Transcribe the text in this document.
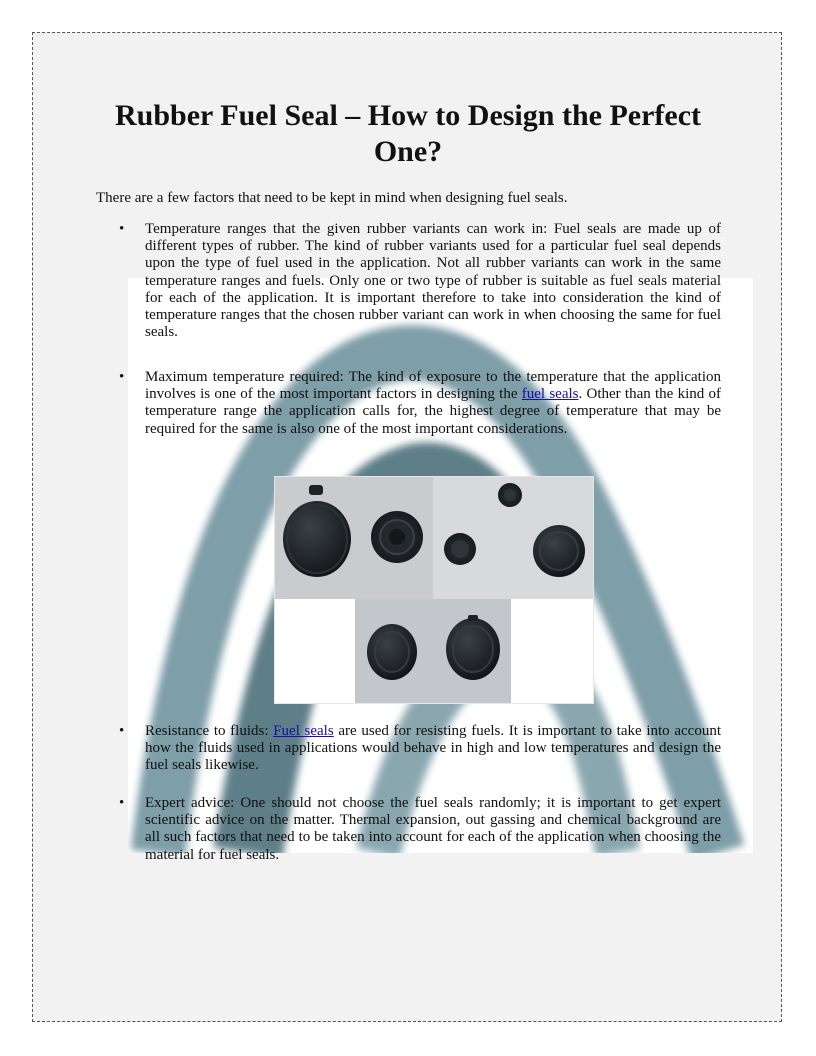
Rubber Fuel Seal – How to Design the Perfect One?

There are a few factors that need to be kept in mind when designing fuel seals.

• Temperature ranges that the given rubber variants can work in: Fuel seals are made up of different types of rubber. The kind of rubber variants used for a particular fuel seal depends upon the type of fuel used in the application. Not all rubber variants can work in the same temperature ranges and fuels. Only one or two type of rubber is suitable as fuel seals material for each of the application. It is important therefore to take into consideration the kind of temperature ranges that the chosen rubber variant can work in when choosing the same for fuel seals.
• Maximum temperature required: The kind of exposure to the temperature that the application involves is one of the most important factors in designing the fuel seals. Other than the kind of temperature range the application calls for, the highest degree of temperature that may be required for the same is also one of the most important considerations.
• Resistance to fluids: Fuel seals are used for resisting fuels. It is important to take into account how the fluids used in applications would behave in high and low temperatures and design the fuel seals likewise.
• Expert advice: One should not choose the fuel seals randomly; it is important to get expert scientific advice on the matter. Thermal expansion, out gassing and chemical background are all such factors that need to be taken into account for each of the application when choosing the material for fuel seals.
